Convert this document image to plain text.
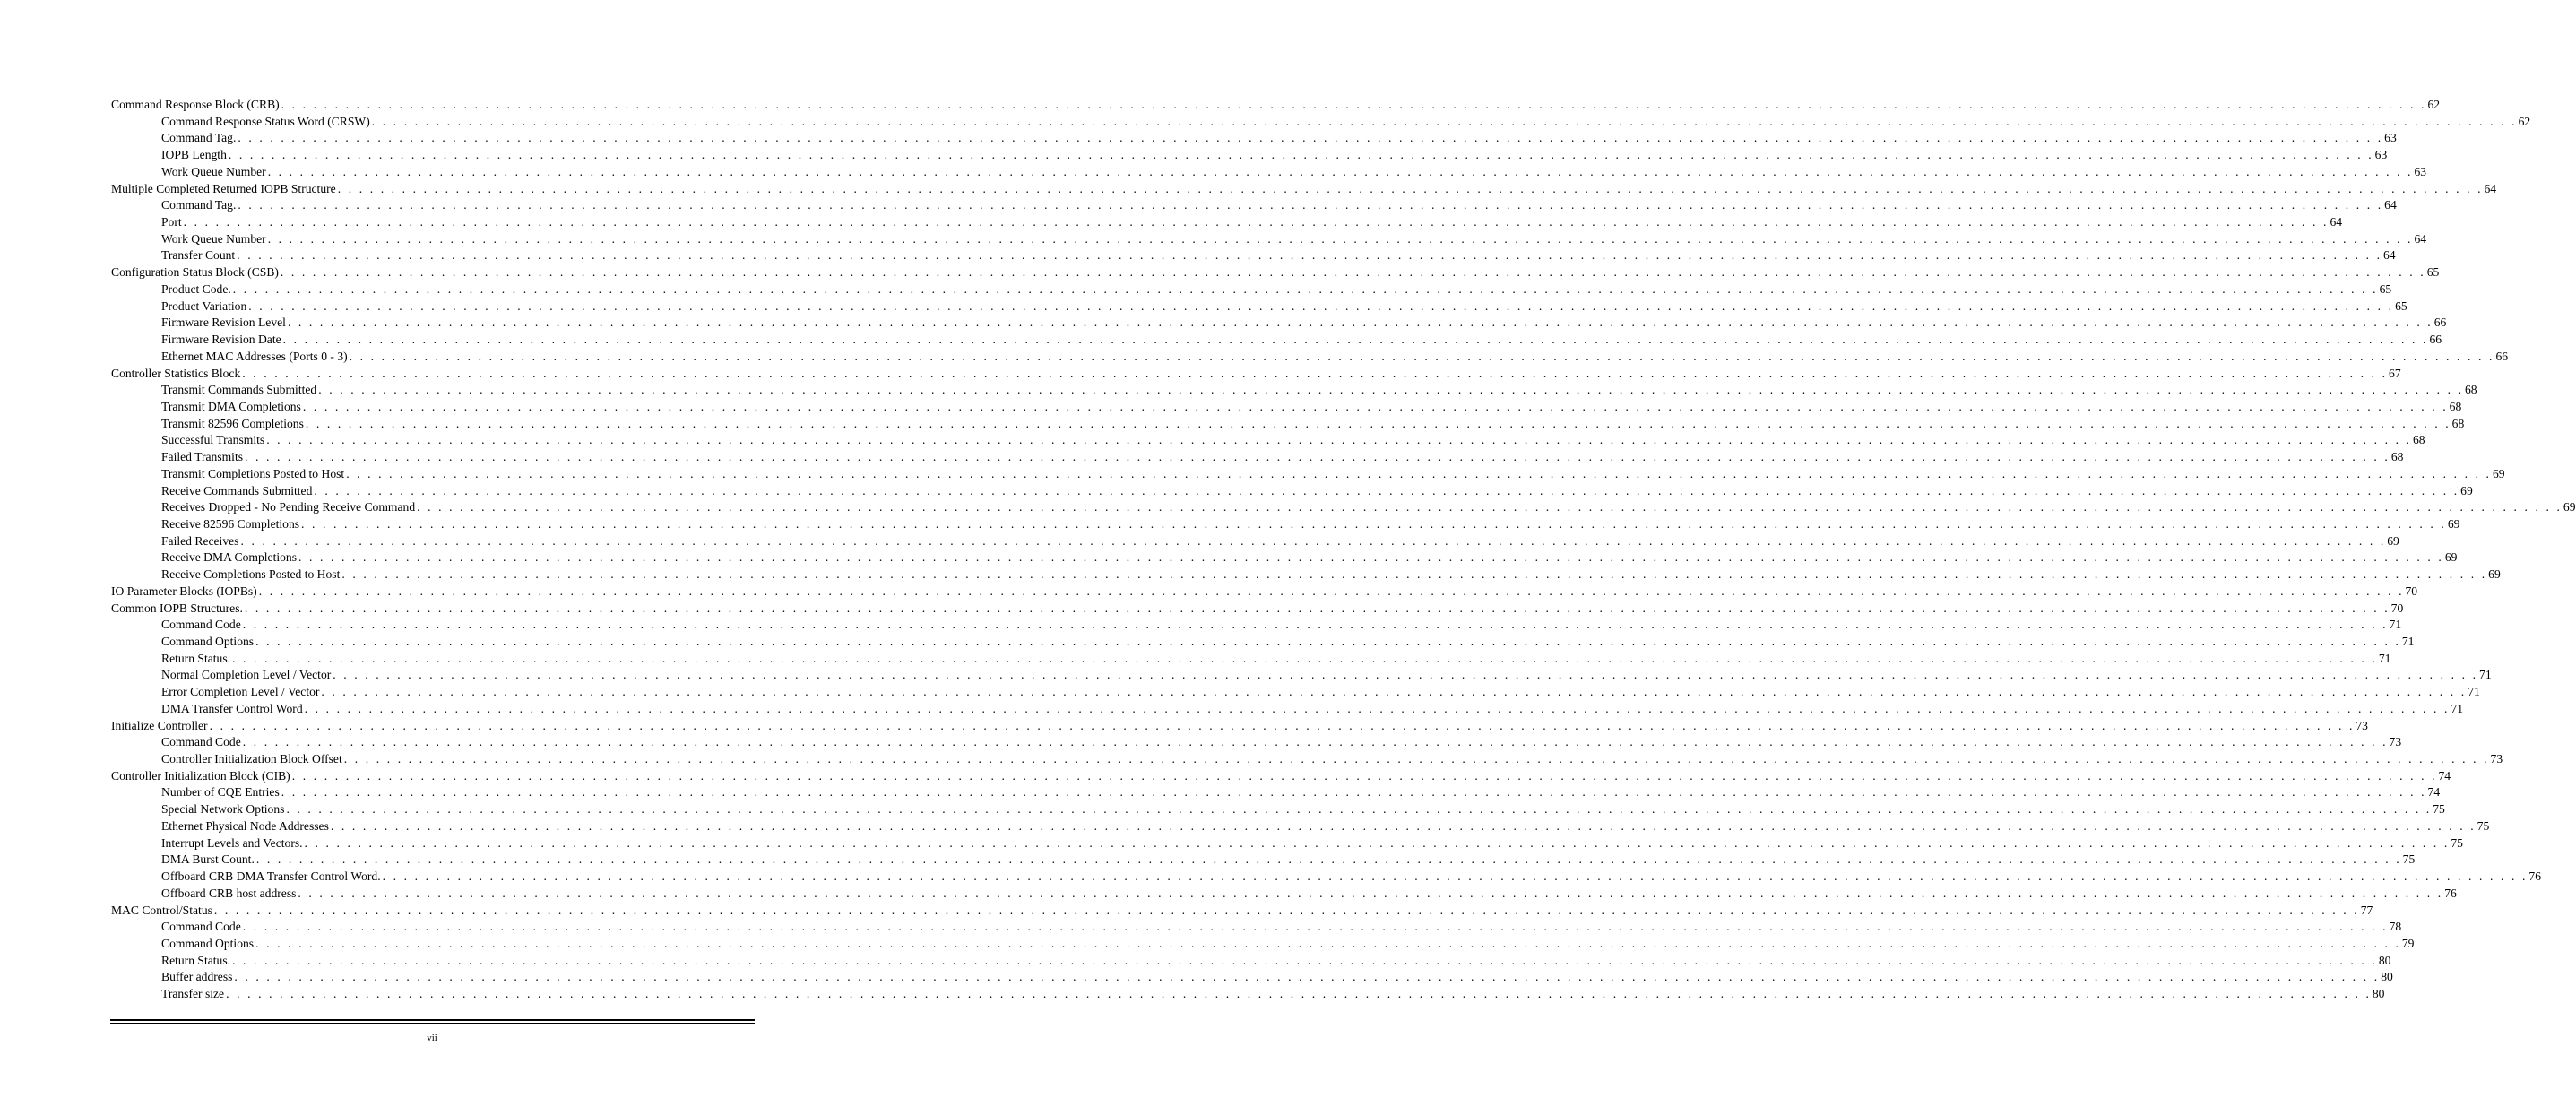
Command Response Block (CRB) . . . . . . . . . . . . . . . . . . . . . . . . . . . . . . . . . . . . . . . . . . . . . . . . . . . . . . . . . . . . . . . . . . . . . . . . . . . . . . . . . . . . . . . . . . . . . . . . . . . . . . . . . . . . . . . . . . . . . . . . . . . . . . . . . . . . . . . . . . . . . . . . . . . . . . . . . . . . . . . . . . . . . . . . . . . . . . . . . . . . . . . . . . . . . . . . . . . . . . . . 62
Command Response Status Word (CRSW) . . . . . . . . . . . . . . . . . . . . . . . . . . . . . . . . . . . . . . . . . . . . . . . . . . . . . . . . . . . . . . . . . . . . . . . . . . . . . . . . . . . . . . . . . . . . . . . . . . . . . . . . . . . . . . . . . . . . . . . . . . . . . . . . . . . . . . . . . . . . . . . . . . . . . . . . . . . . . . . . . . . . . . . . . . . . . . . . . . . . . . . . . . . . . . . . . . . . . . . . 62
Command Tag. . . . . . . . . . . . . . . . . . . . . . . . . . . . . . . . . . . . . . . . . . . . . . . . . . . . . . . . . . . . . . . . . . . . . . . . . . . . . . . . . . . . . . . . . . . . . . . . . . . . . . . . . . . . . . . . . . . . . . . . . . . . . . . . . . . . . . . . . . . . . . . . . . . . . . . . . . . . . . . . . . . . . . . . . . . . . . . . . . . . . . . . . . . . . . . . . . . . . . . . . 63
IOPB Length . . . . . . . . . . . . . . . . . . . . . . . . . . . . . . . . . . . . . . . . . . . . . . . . . . . . . . . . . . . . . . . . . . . . . . . . . . . . . . . . . . . . . . . . . . . . . . . . . . . . . . . . . . . . . . . . . . . . . . . . . . . . . . . . . . . . . . . . . . . . . . . . . . . . . . . . . . . . . . . . . . . . . . . . . . . . . . . . . . . . . . . . . . . . . . . . . . . . . . . . 63
Work Queue Number . . . . . . . . . . . . . . . . . . . . . . . . . . . . . . . . . . . . . . . . . . . . . . . . . . . . . . . . . . . . . . . . . . . . . . . . . . . . . . . . . . . . . . . . . . . . . . . . . . . . . . . . . . . . . . . . . . . . . . . . . . . . . . . . . . . . . . . . . . . . . . . . . . . . . . . . . . . . . . . . . . . . . . . . . . . . . . . . . . . . . . . . . . . . . . . . . . . . . . . . 63
Multiple Completed Returned IOPB Structure . . . . . . . . . . . . . . . . . . . . . . . . . . . . . . . . . . . . . . . . . . . . . . . . . . . . . . . . . . . . . . . . . . . . . . . . . . . . . . . . . . . . . . . . . . . . . . . . . . . . . . . . . . . . . . . . . . . . . . . . . . . . . . . . . . . . . . . . . . . . . . . . . . . . . . . . . . . . . . . . . . . . . . . . . . . . . . . . . . . . . . . . . . . . . . . . . . . . . . . . 64
Command Tag. . . . . . . . . . . . . . . . . . . . . . . . . . . . . . . . . . . . . . . . . . . . . . . . . . . . . . . . . . . . . . . . . . . . . . . . . . . . . . . . . . . . . . . . . . . . . . . . . . . . . . . . . . . . . . . . . . . . . . . . . . . . . . . . . . . . . . . . . . . . . . . . . . . . . . . . . . . . . . . . . . . . . . . . . . . . . . . . . . . . . . . . . . . . . . . . . . . . . . . . . 64
Port . . . . . . . . . . . . . . . . . . . . . . . . . . . . . . . . . . . . . . . . . . . . . . . . . . . . . . . . . . . . . . . . . . . . . . . . . . . . . . . . . . . . . . . . . . . . . . . . . . . . . . . . . . . . . . . . . . . . . . . . . . . . . . . . . . . . . . . . . . . . . . . . . . . . . . . . . . . . . . . . . . . . . . . . . . . . . . . . . . . . . . . . . . . . . . . . . . . . . . . . 64
Work Queue Number . . . . . . . . . . . . . . . . . . . . . . . . . . . . . . . . . . . . . . . . . . . . . . . . . . . . . . . . . . . . . . . . . . . . . . . . . . . . . . . . . . . . . . . . . . . . . . . . . . . . . . . . . . . . . . . . . . . . . . . . . . . . . . . . . . . . . . . . . . . . . . . . . . . . . . . . . . . . . . . . . . . . . . . . . . . . . . . . . . . . . . . . . . . . . . . . . . . . . . . . 64
Transfer Count . . . . . . . . . . . . . . . . . . . . . . . . . . . . . . . . . . . . . . . . . . . . . . . . . . . . . . . . . . . . . . . . . . . . . . . . . . . . . . . . . . . . . . . . . . . . . . . . . . . . . . . . . . . . . . . . . . . . . . . . . . . . . . . . . . . . . . . . . . . . . . . . . . . . . . . . . . . . . . . . . . . . . . . . . . . . . . . . . . . . . . . . . . . . . . . . . . . . . . . . 64
Configuration Status Block (CSB) . . . . . . . . . . . . . . . . . . . . . . . . . . . . . . . . . . . . . . . . . . . . . . . . . . . . . . . . . . . . . . . . . . . . . . . . . . . . . . . . . . . . . . . . . . . . . . . . . . . . . . . . . . . . . . . . . . . . . . . . . . . . . . . . . . . . . . . . . . . . . . . . . . . . . . . . . . . . . . . . . . . . . . . . . . . . . . . . . . . . . . . . . . . . . . . . . . . . . . . . 65
Product Code. . . . . . . . . . . . . . . . . . . . . . . . . . . . . . . . . . . . . . . . . . . . . . . . . . . . . . . . . . . . . . . . . . . . . . . . . . . . . . . . . . . . . . . . . . . . . . . . . . . . . . . . . . . . . . . . . . . . . . . . . . . . . . . . . . . . . . . . . . . . . . . . . . . . . . . . . . . . . . . . . . . . . . . . . . . . . . . . . . . . . . . . . . . . . . . . . . . . . . . . . 65
Product Variation . . . . . . . . . . . . . . . . . . . . . . . . . . . . . . . . . . . . . . . . . . . . . . . . . . . . . . . . . . . . . . . . . . . . . . . . . . . . . . . . . . . . . . . . . . . . . . . . . . . . . . . . . . . . . . . . . . . . . . . . . . . . . . . . . . . . . . . . . . . . . . . . . . . . . . . . . . . . . . . . . . . . . . . . . . . . . . . . . . . . . . . . . . . . . . . . . . . . . . . . 65
Firmware Revision Level . . . . . . . . . . . . . . . . . . . . . . . . . . . . . . . . . . . . . . . . . . . . . . . . . . . . . . . . . . . . . . . . . . . . . . . . . . . . . . . . . . . . . . . . . . . . . . . . . . . . . . . . . . . . . . . . . . . . . . . . . . . . . . . . . . . . . . . . . . . . . . . . . . . . . . . . . . . . . . . . . . . . . . . . . . . . . . . . . . . . . . . . . . . . . . . . . . . . . . . . 66
Firmware Revision Date . . . . . . . . . . . . . . . . . . . . . . . . . . . . . . . . . . . . . . . . . . . . . . . . . . . . . . . . . . . . . . . . . . . . . . . . . . . . . . . . . . . . . . . . . . . . . . . . . . . . . . . . . . . . . . . . . . . . . . . . . . . . . . . . . . . . . . . . . . . . . . . . . . . . . . . . . . . . . . . . . . . . . . . . . . . . . . . . . . . . . . . . . . . . . . . . . . . . . . . . 66
Ethernet MAC Addresses (Ports 0 - 3) . . . . . . . . . . . . . . . . . . . . . . . . . . . . . . . . . . . . . . . . . . . . . . . . . . . . . . . . . . . . . . . . . . . . . . . . . . . . . . . . . . . . . . . . . . . . . . . . . . . . . . . . . . . . . . . . . . . . . . . . . . . . . . . . . . . . . . . . . . . . . . . . . . . . . . . . . . . . . . . . . . . . . . . . . . . . . . . . . . . . . . . . . . . . . . . . . . . . . . . . 66
Controller Statistics Block . . . . . . . . . . . . . . . . . . . . . . . . . . . . . . . . . . . . . . . . . . . . . . . . . . . . . . . . . . . . . . . . . . . . . . . . . . . . . . . . . . . . . . . . . . . . . . . . . . . . . . . . . . . . . . . . . . . . . . . . . . . . . . . . . . . . . . . . . . . . . . . . . . . . . . . . . . . . . . . . . . . . . . . . . . . . . . . . . . . . . . . . . . . . . . . . . . . . . . . . 67
Transmit Commands Submitted . . . . . . . . . . . . . . . . . . . . . . . . . . . . . . . . . . . . . . . . . . . . . . . . . . . . . . . . . . . . . . . . . . . . . . . . . . . . . . . . . . . . . . . . . . . . . . . . . . . . . . . . . . . . . . . . . . . . . . . . . . . . . . . . . . . . . . . . . . . . . . . . . . . . . . . . . . . . . . . . . . . . . . . . . . . . . . . . . . . . . . . . . . . . . . . . . . . . . . . . 68
Transmit DMA Completions . . . . . . . . . . . . . . . . . . . . . . . . . . . . . . . . . . . . . . . . . . . . . . . . . . . . . . . . . . . . . . . . . . . . . . . . . . . . . . . . . . . . . . . . . . . . . . . . . . . . . . . . . . . . . . . . . . . . . . . . . . . . . . . . . . . . . . . . . . . . . . . . . . . . . . . . . . . . . . . . . . . . . . . . . . . . . . . . . . . . . . . . . . . . . . . . . . . . . . . . 68
Transmit 82596 Completions . . . . . . . . . . . . . . . . . . . . . . . . . . . . . . . . . . . . . . . . . . . . . . . . . . . . . . . . . . . . . . . . . . . . . . . . . . . . . . . . . . . . . . . . . . . . . . . . . . . . . . . . . . . . . . . . . . . . . . . . . . . . . . . . . . . . . . . . . . . . . . . . . . . . . . . . . . . . . . . . . . . . . . . . . . . . . . . . . . . . . . . . . . . . . . . . . . . . . . . . 68
Successful Transmits . . . . . . . . . . . . . . . . . . . . . . . . . . . . . . . . . . . . . . . . . . . . . . . . . . . . . . . . . . . . . . . . . . . . . . . . . . . . . . . . . . . . . . . . . . . . . . . . . . . . . . . . . . . . . . . . . . . . . . . . . . . . . . . . . . . . . . . . . . . . . . . . . . . . . . . . . . . . . . . . . . . . . . . . . . . . . . . . . . . . . . . . . . . . . . . . . . . . . . . . 68
Failed Transmits . . . . . . . . . . . . . . . . . . . . . . . . . . . . . . . . . . . . . . . . . . . . . . . . . . . . . . . . . . . . . . . . . . . . . . . . . . . . . . . . . . . . . . . . . . . . . . . . . . . . . . . . . . . . . . . . . . . . . . . . . . . . . . . . . . . . . . . . . . . . . . . . . . . . . . . . . . . . . . . . . . . . . . . . . . . . . . . . . . . . . . . . . . . . . . . . . . . . . . . . 68
Transmit Completions Posted to Host . . . . . . . . . . . . . . . . . . . . . . . . . . . . . . . . . . . . . . . . . . . . . . . . . . . . . . . . . . . . . . . . . . . . . . . . . . . . . . . . . . . . . . . . . . . . . . . . . . . . . . . . . . . . . . . . . . . . . . . . . . . . . . . . . . . . . . . . . . . . . . . . . . . . . . . . . . . . . . . . . . . . . . . . . . . . . . . . . . . . . . . . . . . . . . . . . . . . . . . . 69
Receive Commands Submitted . . . . . . . . . . . . . . . . . . . . . . . . . . . . . . . . . . . . . . . . . . . . . . . . . . . . . . . . . . . . . . . . . . . . . . . . . . . . . . . . . . . . . . . . . . . . . . . . . . . . . . . . . . . . . . . . . . . . . . . . . . . . . . . . . . . . . . . . . . . . . . . . . . . . . . . . . . . . . . . . . . . . . . . . . . . . . . . . . . . . . . . . . . . . . . . . . . . . . . . . 69
Receives Dropped - No Pending Receive Command . . . . . . . . . . . . . . . . . . . . . . . . . . . . . . . . . . . . . . . . . . . . . . . . . . . . . . . . . . . . . . . . . . . . . . . . . . . . . . . . . . . . . . . . . . . . . . . . . . . . . . . . . . . . . . . . . . . . . . . . . . . . . . . . . . . . . . . . . . . . . . . . . . . . . . . . . . . . . . . . . . . . . . . . . . . . . . . . . . . . . . . . . . . . . . . . . . . . . . . . 69
Receive 82596 Completions . . . . . . . . . . . . . . . . . . . . . . . . . . . . . . . . . . . . . . . . . . . . . . . . . . . . . . . . . . . . . . . . . . . . . . . . . . . . . . . . . . . . . . . . . . . . . . . . . . . . . . . . . . . . . . . . . . . . . . . . . . . . . . . . . . . . . . . . . . . . . . . . . . . . . . . . . . . . . . . . . . . . . . . . . . . . . . . . . . . . . . . . . . . . . . . . . . . . . . . . 69
Failed Receives . . . . . . . . . . . . . . . . . . . . . . . . . . . . . . . . . . . . . . . . . . . . . . . . . . . . . . . . . . . . . . . . . . . . . . . . . . . . . . . . . . . . . . . . . . . . . . . . . . . . . . . . . . . . . . . . . . . . . . . . . . . . . . . . . . . . . . . . . . . . . . . . . . . . . . . . . . . . . . . . . . . . . . . . . . . . . . . . . . . . . . . . . . . . . . . . . . . . . . . . 69
Receive DMA Completions . . . . . . . . . . . . . . . . . . . . . . . . . . . . . . . . . . . . . . . . . . . . . . . . . . . . . . . . . . . . . . . . . . . . . . . . . . . . . . . . . . . . . . . . . . . . . . . . . . . . . . . . . . . . . . . . . . . . . . . . . . . . . . . . . . . . . . . . . . . . . . . . . . . . . . . . . . . . . . . . . . . . . . . . . . . . . . . . . . . . . . . . . . . . . . . . . . . . . . . . 69
Receive Completions Posted to Host . . . . . . . . . . . . . . . . . . . . . . . . . . . . . . . . . . . . . . . . . . . . . . . . . . . . . . . . . . . . . . . . . . . . . . . . . . . . . . . . . . . . . . . . . . . . . . . . . . . . . . . . . . . . . . . . . . . . . . . . . . . . . . . . . . . . . . . . . . . . . . . . . . . . . . . . . . . . . . . . . . . . . . . . . . . . . . . . . . . . . . . . . . . . . . . . . . . . . . . . 69
IO Parameter Blocks (IOPBs) . . . . . . . . . . . . . . . . . . . . . . . . . . . . . . . . . . . . . . . . . . . . . . . . . . . . . . . . . . . . . . . . . . . . . . . . . . . . . . . . . . . . . . . . . . . . . . . . . . . . . . . . . . . . . . . . . . . . . . . . . . . . . . . . . . . . . . . . . . . . . . . . . . . . . . . . . . . . . . . . . . . . . . . . . . . . . . . . . . . . . . . . . . . . . . . . . . . . . . . . 70
Common IOPB Structures. . . . . . . . . . . . . . . . . . . . . . . . . . . . . . . . . . . . . . . . . . . . . . . . . . . . . . . . . . . . . . . . . . . . . . . . . . . . . . . . . . . . . . . . . . . . . . . . . . . . . . . . . . . . . . . . . . . . . . . . . . . . . . . . . . . . . . . . . . . . . . . . . . . . . . . . . . . . . . . . . . . . . . . . . . . . . . . . . . . . . . . . . . . . . . . . . . . . . . . . . 70
Command Code . . . . . . . . . . . . . . . . . . . . . . . . . . . . . . . . . . . . . . . . . . . . . . . . . . . . . . . . . . . . . . . . . . . . . . . . . . . . . . . . . . . . . . . . . . . . . . . . . . . . . . . . . . . . . . . . . . . . . . . . . . . . . . . . . . . . . . . . . . . . . . . . . . . . . . . . . . . . . . . . . . . . . . . . . . . . . . . . . . . . . . . . . . . . . . . . . . . . . . . . 71
Command Options . . . . . . . . . . . . . . . . . . . . . . . . . . . . . . . . . . . . . . . . . . . . . . . . . . . . . . . . . . . . . . . . . . . . . . . . . . . . . . . . . . . . . . . . . . . . . . . . . . . . . . . . . . . . . . . . . . . . . . . . . . . . . . . . . . . . . . . . . . . . . . . . . . . . . . . . . . . . . . . . . . . . . . . . . . . . . . . . . . . . . . . . . . . . . . . . . . . . . . . . 71
Return Status. . . . . . . . . . . . . . . . . . . . . . . . . . . . . . . . . . . . . . . . . . . . . . . . . . . . . . . . . . . . . . . . . . . . . . . . . . . . . . . . . . . . . . . . . . . . . . . . . . . . . . . . . . . . . . . . . . . . . . . . . . . . . . . . . . . . . . . . . . . . . . . . . . . . . . . . . . . . . . . . . . . . . . . . . . . . . . . . . . . . . . . . . . . . . . . . . . . . . . . . . 71
Normal Completion Level / Vector . . . . . . . . . . . . . . . . . . . . . . . . . . . . . . . . . . . . . . . . . . . . . . . . . . . . . . . . . . . . . . . . . . . . . . . . . . . . . . . . . . . . . . . . . . . . . . . . . . . . . . . . . . . . . . . . . . . . . . . . . . . . . . . . . . . . . . . . . . . . . . . . . . . . . . . . . . . . . . . . . . . . . . . . . . . . . . . . . . . . . . . . . . . . . . . . . . . . . . . . 71
Error Completion Level / Vector . . . . . . . . . . . . . . . . . . . . . . . . . . . . . . . . . . . . . . . . . . . . . . . . . . . . . . . . . . . . . . . . . . . . . . . . . . . . . . . . . . . . . . . . . . . . . . . . . . . . . . . . . . . . . . . . . . . . . . . . . . . . . . . . . . . . . . . . . . . . . . . . . . . . . . . . . . . . . . . . . . . . . . . . . . . . . . . . . . . . . . . . . . . . . . . . . . . . . . . . 71
DMA Transfer Control Word . . . . . . . . . . . . . . . . . . . . . . . . . . . . . . . . . . . . . . . . . . . . . . . . . . . . . . . . . . . . . . . . . . . . . . . . . . . . . . . . . . . . . . . . . . . . . . . . . . . . . . . . . . . . . . . . . . . . . . . . . . . . . . . . . . . . . . . . . . . . . . . . . . . . . . . . . . . . . . . . . . . . . . . . . . . . . . . . . . . . . . . . . . . . . . . . . . . . . . . . 71
Initialize Controller . . . . . . . . . . . . . . . . . . . . . . . . . . . . . . . . . . . . . . . . . . . . . . . . . . . . . . . . . . . . . . . . . . . . . . . . . . . . . . . . . . . . . . . . . . . . . . . . . . . . . . . . . . . . . . . . . . . . . . . . . . . . . . . . . . . . . . . . . . . . . . . . . . . . . . . . . . . . . . . . . . . . . . . . . . . . . . . . . . . . . . . . . . . . . . . . . . . . . . . . 73
Command Code . . . . . . . . . . . . . . . . . . . . . . . . . . . . . . . . . . . . . . . . . . . . . . . . . . . . . . . . . . . . . . . . . . . . . . . . . . . . . . . . . . . . . . . . . . . . . . . . . . . . . . . . . . . . . . . . . . . . . . . . . . . . . . . . . . . . . . . . . . . . . . . . . . . . . . . . . . . . . . . . . . . . . . . . . . . . . . . . . . . . . . . . . . . . . . . . . . . . . . . . 73
Controller Initialization Block Offset . . . . . . . . . . . . . . . . . . . . . . . . . . . . . . . . . . . . . . . . . . . . . . . . . . . . . . . . . . . . . . . . . . . . . . . . . . . . . . . . . . . . . . . . . . . . . . . . . . . . . . . . . . . . . . . . . . . . . . . . . . . . . . . . . . . . . . . . . . . . . . . . . . . . . . . . . . . . . . . . . . . . . . . . . . . . . . . . . . . . . . . . . . . . . . . . . . . . . . . . 73
Controller Initialization Block (CIB) . . . . . . . . . . . . . . . . . . . . . . . . . . . . . . . . . . . . . . . . . . . . . . . . . . . . . . . . . . . . . . . . . . . . . . . . . . . . . . . . . . . . . . . . . . . . . . . . . . . . . . . . . . . . . . . . . . . . . . . . . . . . . . . . . . . . . . . . . . . . . . . . . . . . . . . . . . . . . . . . . . . . . . . . . . . . . . . . . . . . . . . . . . . . . . . . . . . . . . . . 74
Number of CQE Entries . . . . . . . . . . . . . . . . . . . . . . . . . . . . . . . . . . . . . . . . . . . . . . . . . . . . . . . . . . . . . . . . . . . . . . . . . . . . . . . . . . . . . . . . . . . . . . . . . . . . . . . . . . . . . . . . . . . . . . . . . . . . . . . . . . . . . . . . . . . . . . . . . . . . . . . . . . . . . . . . . . . . . . . . . . . . . . . . . . . . . . . . . . . . . . . . . . . . . . . . 74
Special Network Options . . . . . . . . . . . . . . . . . . . . . . . . . . . . . . . . . . . . . . . . . . . . . . . . . . . . . . . . . . . . . . . . . . . . . . . . . . . . . . . . . . . . . . . . . . . . . . . . . . . . . . . . . . . . . . . . . . . . . . . . . . . . . . . . . . . . . . . . . . . . . . . . . . . . . . . . . . . . . . . . . . . . . . . . . . . . . . . . . . . . . . . . . . . . . . . . . . . . . . . . 75
Ethernet Physical Node Addresses . . . . . . . . . . . . . . . . . . . . . . . . . . . . . . . . . . . . . . . . . . . . . . . . . . . . . . . . . . . . . . . . . . . . . . . . . . . . . . . . . . . . . . . . . . . . . . . . . . . . . . . . . . . . . . . . . . . . . . . . . . . . . . . . . . . . . . . . . . . . . . . . . . . . . . . . . . . . . . . . . . . . . . . . . . . . . . . . . . . . . . . . . . . . . . . . . . . . . . . . 75
Interrupt Levels and Vectors. . . . . . . . . . . . . . . . . . . . . . . . . . . . . . . . . . . . . . . . . . . . . . . . . . . . . . . . . . . . . . . . . . . . . . . . . . . . . . . . . . . . . . . . . . . . . . . . . . . . . . . . . . . . . . . . . . . . . . . . . . . . . . . . . . . . . . . . . . . . . . . . . . . . . . . . . . . . . . . . . . . . . . . . . . . . . . . . . . . . . . . . . . . . . . . . . . . . . . . . . 75
DMA Burst Count. . . . . . . . . . . . . . . . . . . . . . . . . . . . . . . . . . . . . . . . . . . . . . . . . . . . . . . . . . . . . . . . . . . . . . . . . . . . . . . . . . . . . . . . . . . . . . . . . . . . . . . . . . . . . . . . . . . . . . . . . . . . . . . . . . . . . . . . . . . . . . . . . . . . . . . . . . . . . . . . . . . . . . . . . . . . . . . . . . . . . . . . . . . . . . . . . . . . . . . . . 75
Offboard CRB DMA Transfer Control Word. . . . . . . . . . . . . . . . . . . . . . . . . . . . . . . . . . . . . . . . . . . . . . . . . . . . . . . . . . . . . . . . . . . . . . . . . . . . . . . . . . . . . . . . . . . . . . . . . . . . . . . . . . . . . . . . . . . . . . . . . . . . . . . . . . . . . . . . . . . . . . . . . . . . . . . . . . . . . . . . . . . . . . . . . . . . . . . . . . . . . . . . . . . . . . . . . . . . . . . . . 76
Offboard CRB host address . . . . . . . . . . . . . . . . . . . . . . . . . . . . . . . . . . . . . . . . . . . . . . . . . . . . . . . . . . . . . . . . . . . . . . . . . . . . . . . . . . . . . . . . . . . . . . . . . . . . . . . . . . . . . . . . . . . . . . . . . . . . . . . . . . . . . . . . . . . . . . . . . . . . . . . . . . . . . . . . . . . . . . . . . . . . . . . . . . . . . . . . . . . . . . . . . . . . . . . . 76
MAC Control/Status . . . . . . . . . . . . . . . . . . . . . . . . . . . . . . . . . . . . . . . . . . . . . . . . . . . . . . . . . . . . . . . . . . . . . . . . . . . . . . . . . . . . . . . . . . . . . . . . . . . . . . . . . . . . . . . . . . . . . . . . . . . . . . . . . . . . . . . . . . . . . . . . . . . . . . . . . . . . . . . . . . . . . . . . . . . . . . . . . . . . . . . . . . . . . . . . . . . . . . . . 77
Command Code . . . . . . . . . . . . . . . . . . . . . . . . . . . . . . . . . . . . . . . . . . . . . . . . . . . . . . . . . . . . . . . . . . . . . . . . . . . . . . . . . . . . . . . . . . . . . . . . . . . . . . . . . . . . . . . . . . . . . . . . . . . . . . . . . . . . . . . . . . . . . . . . . . . . . . . . . . . . . . . . . . . . . . . . . . . . . . . . . . . . . . . . . . . . . . . . . . . . . . . . 78
Command Options . . . . . . . . . . . . . . . . . . . . . . . . . . . . . . . . . . . . . . . . . . . . . . . . . . . . . . . . . . . . . . . . . . . . . . . . . . . . . . . . . . . . . . . . . . . . . . . . . . . . . . . . . . . . . . . . . . . . . . . . . . . . . . . . . . . . . . . . . . . . . . . . . . . . . . . . . . . . . . . . . . . . . . . . . . . . . . . . . . . . . . . . . . . . . . . . . . . . . . . . 79
Return Status. . . . . . . . . . . . . . . . . . . . . . . . . . . . . . . . . . . . . . . . . . . . . . . . . . . . . . . . . . . . . . . . . . . . . . . . . . . . . . . . . . . . . . . . . . . . . . . . . . . . . . . . . . . . . . . . . . . . . . . . . . . . . . . . . . . . . . . . . . . . . . . . . . . . . . . . . . . . . . . . . . . . . . . . . . . . . . . . . . . . . . . . . . . . . . . . . . . . . . . . . 80
Buffer address . . . . . . . . . . . . . . . . . . . . . . . . . . . . . . . . . . . . . . . . . . . . . . . . . . . . . . . . . . . . . . . . . . . . . . . . . . . . . . . . . . . . . . . . . . . . . . . . . . . . . . . . . . . . . . . . . . . . . . . . . . . . . . . . . . . . . . . . . . . . . . . . . . . . . . . . . . . . . . . . . . . . . . . . . . . . . . . . . . . . . . . . . . . . . . . . . . . . . . . . 80
Transfer size . . . . . . . . . . . . . . . . . . . . . . . . . . . . . . . . . . . . . . . . . . . . . . . . . . . . . . . . . . . . . . . . . . . . . . . . . . . . . . . . . . . . . . . . . . . . . . . . . . . . . . . . . . . . . . . . . . . . . . . . . . . . . . . . . . . . . . . . . . . . . . . . . . . . . . . . . . . . . . . . . . . . . . . . . . . . . . . . . . . . . . . . . . . . . . . . . . . . . . . . 80
vii
